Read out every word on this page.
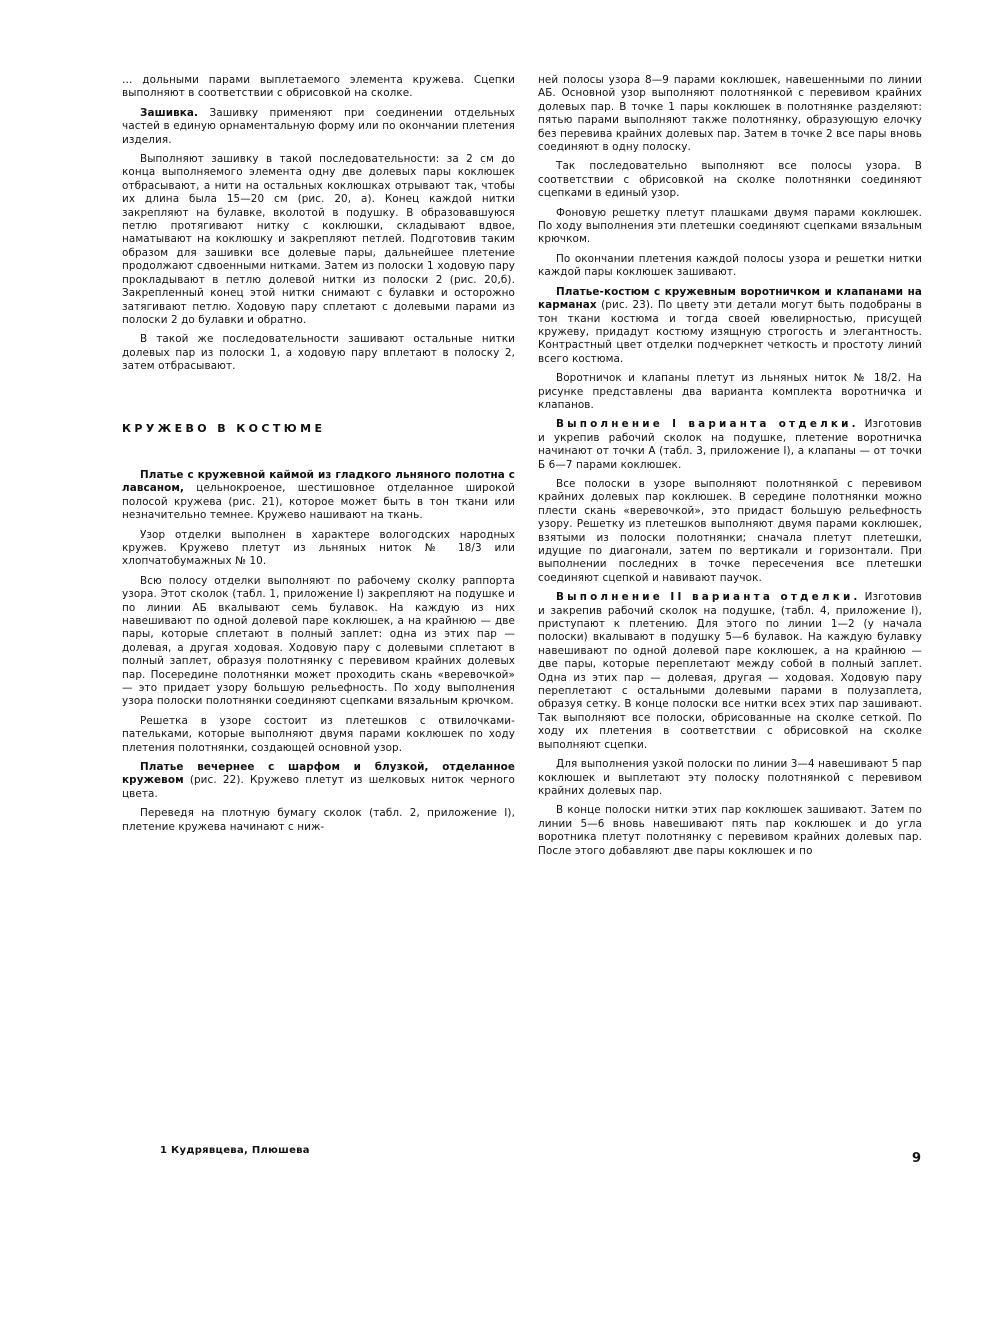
… дольными парами выплетаемого элемента кружева. Сцепки выполняют в соответствии с обрисовкой на сколке.

Зашивка. Зашивку применяют при соединении отдельных частей в единую орнаментальную форму или по окончании плетения изделия.

Выполняют зашивку в такой последовательности: за 2 см до конца выполняемого элемента одну две долевых пары коклюшек отбрасывают, а нити на остальных коклюшках отрывают так, чтобы их длина была 15—20 см (рис. 20, а). Конец каждой нитки закрепляют на булавке, вколотой в подушку. В образовавшуюся петлю протягивают нитку с коклюшки, складывают вдвое, наматывают на коклюшку и закрепляют петлей. Подготовив таким образом для зашивки все долевые пары, дальнейшее плетение продолжают сдвоенными нитками. Затем из полоски 1 ходовую пару прокладывают в петлю долевой нитки из полоски 2 (рис. 20,б). Закрепленный конец этой нитки снимают с булавки и осторожно затягивают петлю. Ходовую пару сплетают с долевыми парами из полоски 2 до булавки и обратно.

В такой же последовательности зашивают остальные нитки долевых пар из полоски 1, а ходовую пару вплетают в полоску 2, затем отбрасывают.

КРУЖЕВО В КОСТЮМЕ

Платье с кружевной каймой из гладкого льняного полотна с лавсаном, цельнокроеное, шестишовное отделанное широкой полосой кружева (рис. 21), которое может быть в тон ткани или незначительно темнее. Кружево нашивают на ткань.

Узор отделки выполнен в характере вологодских народных кружев. Кружево плетут из льняных ниток № 18/3 или хлопчатобумажных № 10.

Всю полосу отделки выполняют по рабочему сколку раппорта узора. Этот сколок (табл. 1, приложение I) закрепляют на подушке и по линии АБ вкалывают семь булавок. На каждую из них навешивают по одной долевой паре коклюшек, а на крайнюю — две пары, которые сплетают в полный заплет: одна из этих пар — долевая, а другая ходовая. Ходовую пару с долевыми сплетают в полный заплет, образуя полотнянку с перевивом крайних долевых пар. Посередине полотнянки может проходить скань «веревочкой» — это придает узору большую рельефность. По ходу выполнения узора полоски полотнянки соединяют сцепками вязальным крючком.

Решетка в узоре состоит из плетешков с отвилочками-пательками, которые выполняют двумя парами коклюшек по ходу плетения полотнянки, создающей основной узор.

Платье вечернее с шарфом и блузкой, отделанное кружевом (рис. 22). Кружево плетут из шелковых ниток черного цвета.

Переведя на плотную бумагу сколок (табл. 2, приложение I), плетение кружева начинают с ниж-

ней полосы узора 8—9 парами коклюшек, навешенными по линии АБ. Основной узор выполняют полотнянкой с перевивом крайних долевых пар. В точке 1 пары коклюшек в полотнянке разделяют: пятью парами выполняют также полотнянку, образующую елочку без перевива крайних долевых пар. Затем в точке 2 все пары вновь соединяют в одну полоску.

Так последовательно выполняют все полосы узора. В соответствии с обрисовкой на сколке полотнянки соединяют сцепками в единый узор.

Фоновую решетку плетут плашками двумя парами коклюшек. По ходу выполнения эти плетешки соединяют сцепками вязальным крючком.

По окончании плетения каждой полосы узора и решетки нитки каждой пары коклюшек зашивают.

Платье-костюм с кружевным воротничком и клапанами на карманах (рис. 23). По цвету эти детали могут быть подобраны в тон ткани костюма и тогда своей ювелирностью, присущей кружеву, придадут костюму изящную строгость и элегантность. Контрастный цвет отделки подчеркнет четкость и простоту линий всего костюма.

Воротничок и клапаны плетут из льняных ниток № 18/2. На рисунке представлены два варианта комплекта воротничка и клапанов.

Выполнение I варианта отделки. Изготовив и укрепив рабочий сколок на подушке, плетение воротничка начинают от точки А (табл. 3, приложение I), а клапаны — от точки Б 6—7 парами коклюшек.

Все полоски в узоре выполняют полотнянкой с перевивом крайних долевых пар коклюшек. В середине полотнянки можно плести скань «веревочкой», это придаст большую рельефность узору. Решетку из плетешков выполняют двумя парами коклюшек, взятыми из полоски полотнянки; сначала плетут плетешки, идущие по диагонали, затем по вертикали и горизонтали. При выполнении последних в точке пересечения все плетешки соединяют сцепкой и навивают паучок.

Выполнение II варианта отделки. Изготовив и закрепив рабочий сколок на подушке, (табл. 4, приложение I), приступают к плетению. Для этого по линии 1—2 (у начала полоски) вкалывают в подушку 5—6 булавок. На каждую булавку навешивают по одной долевой паре коклюшек, а на крайнюю — две пары, которые переплетают между собой в полный заплет. Одна из этих пар — долевая, другая — ходовая. Ходовую пару переплетают с остальными долевыми парами в полузаплета, образуя сетку. В конце полоски все нитки всех этих пар зашивают. Так выполняют все полоски, обрисованные на сколке сеткой. По ходу их плетения в соответствии с обрисовкой на сколке выполняют сцепки.

Для выполнения узкой полоски по линии 3—4 навешивают 5 пар коклюшек и выплетают эту полоску полотнянкой с перевивом крайних долевых пар.

В конце полоски нитки этих пар коклюшек зашивают. Затем по линии 5—6 вновь навешивают пять пар коклюшек и до угла воротника плетут полотнянку с перевивом крайних долевых пар. После этого добавляют две пары коклюшек и по

1 Кудрявцева, Плюшева
9
